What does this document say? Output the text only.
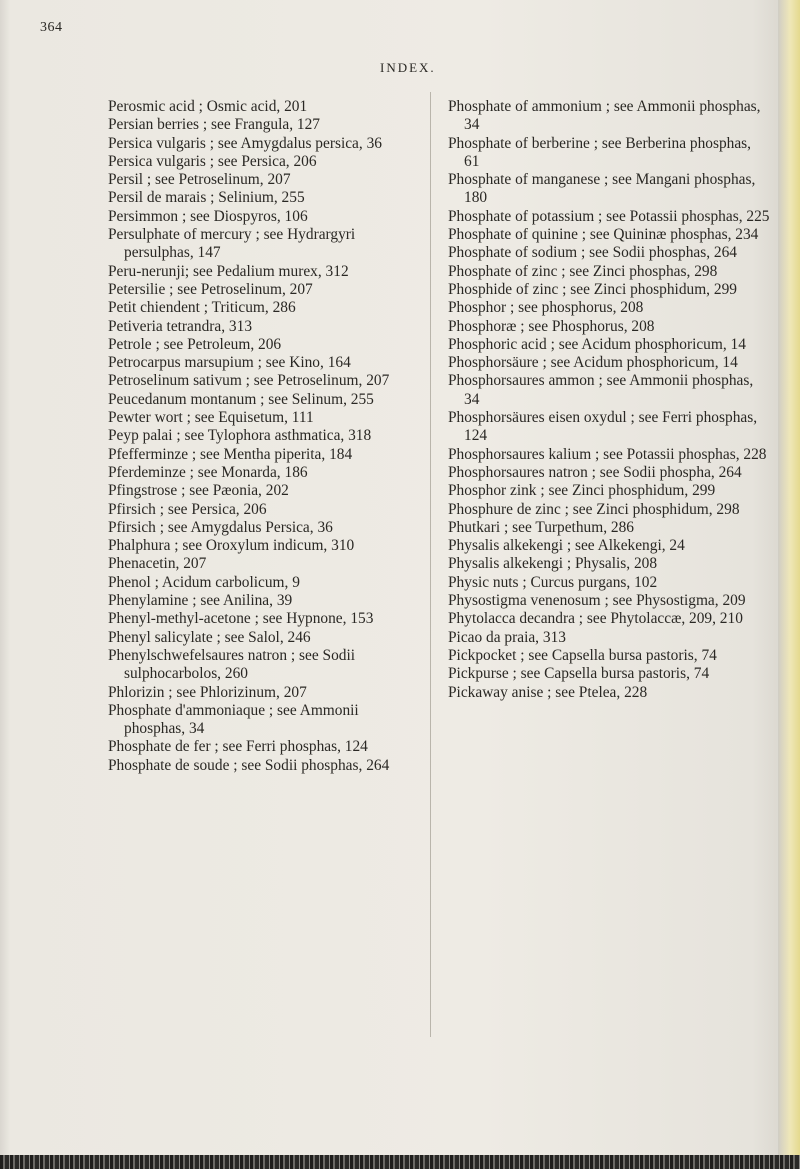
364
INDEX.
Perosmic acid ; Osmic acid, 201
Persian berries ; see Frangula, 127
Persica vulgaris ; see Amygdalus persica, 36
Persica vulgaris ; see Persica, 206
Persil ; see Petroselinum, 207
Persil de marais ; Selinium, 255
Persimmon ; see Diospyros, 106
Persulphate of mercury ; see Hydrargyri persulphas, 147
Peru-nerunji; see Pedalium murex, 312
Petersilie ; see Petroselinum, 207
Petit chiendent ; Triticum, 286
Petiveria tetrandra, 313
Petrole ; see Petroleum, 206
Petrocarpus marsupium ; see Kino, 164
Petroselinum sativum ; see Petroselinum, 207
Peucedanum montanum ; see Selinum, 255
Pewter wort ; see Equisetum, 111
Peyp palai ; see Tylophora asthmatica, 318
Pfefferminze ; see Mentha piperita, 184
Pferdeminze ; see Monarda, 186
Pfingstrose ; see Pæonia, 202
Pfirsich ; see Persica, 206
Pfirsich ; see Amygdalus Persica, 36
Phalphura ; see Oroxylum indicum, 310
Phenacetin, 207
Phenol ; Acidum carbolicum, 9
Phenylamine ; see Anilina, 39
Phenyl-methyl-acetone ; see Hypnone, 153
Phenyl salicylate ; see Salol, 246
Phenylschwefelsaures natron ; see Sodii sulphocarbolos, 260
Phlorizin ; see Phlorizinum, 207
Phosphate d'ammoniaque ; see Ammonii phosphas, 34
Phosphate de fer ; see Ferri phosphas, 124
Phosphate de soude ; see Sodii phosphas, 264
Phosphate of ammonium ; see Ammonii phosphas, 34
Phosphate of berberine ; see Berberina phosphas, 61
Phosphate of manganese ; see Mangani phosphas, 180
Phosphate of potassium ; see Potassii phosphas, 225
Phosphate of quinine ; see Quininæ phosphas, 234
Phosphate of sodium ; see Sodii phosphas, 264
Phosphate of zinc ; see Zinci phosphas, 298
Phosphide of zinc ; see Zinci phosphidum, 299
Phosphor ; see phosphorus, 208
Phosphoræ ; see Phosphorus, 208
Phosphoric acid ; see Acidum phosphoricum, 14
Phosphorsäure ; see Acidum phosphoricum, 14
Phosphorsaures ammon ; see Ammonii phosphas, 34
Phosphorsäures eisen oxydul ; see Ferri phosphas, 124
Phosphorsaures kalium ; see Potassii phosphas, 228
Phosphorsaures natron ; see Sodii phospha, 264
Phosphor zink ; see Zinci phosphidum, 299
Phosphure de zinc ; see Zinci phosphidum, 298
Phutkari ; see Turpethum, 286
Physalis alkekengi ; see Alkekengi, 24
Physalis alkekengi ; Physalis, 208
Physic nuts ; Curcus purgans, 102
Physostigma venenosum ; see Physostigma, 209
Phytolacca decandra ; see Phytolaccæ, 209, 210
Picao da praia, 313
Pickpocket ; see Capsella bursa pastoris, 74
Pickpurse ; see Capsella bursa pastoris, 74
Pickaway anise ; see Ptelea, 228
